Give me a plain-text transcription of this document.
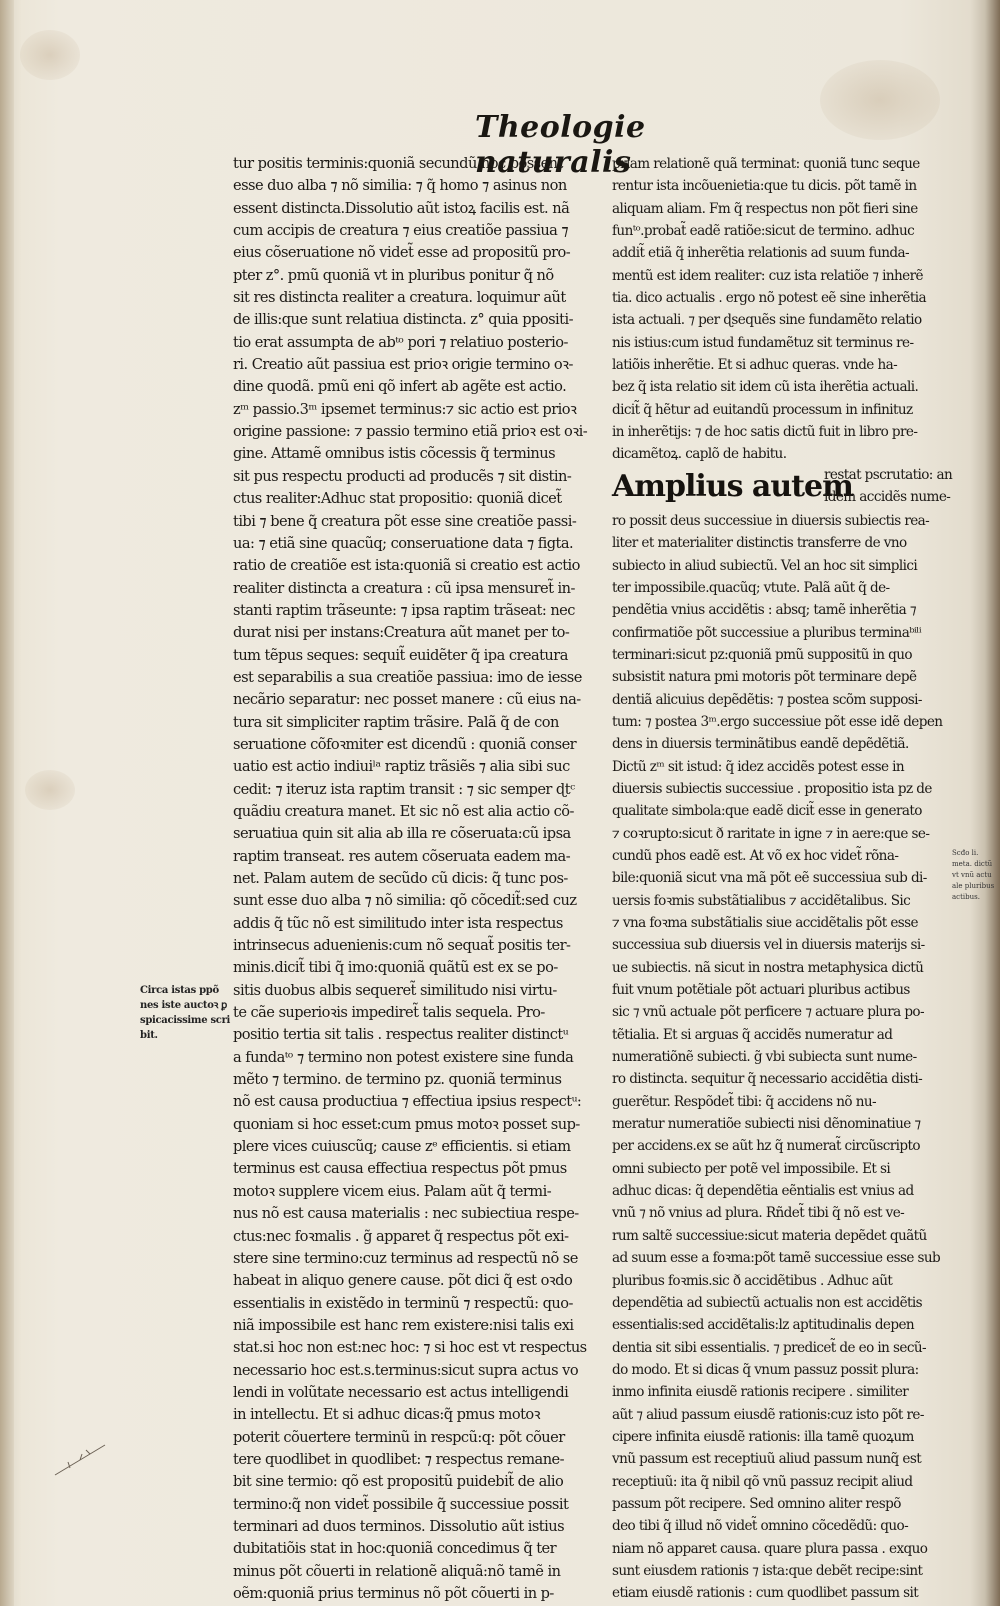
Theologie naturalis
tur positis terminis:quoniã secundũ hoc possent
esse duo alba ⁊ nõ similia: ⁊ q̃ homo ⁊ asinus non
essent distincta.Dissolutio aũt istoꝝ facilis est. nã
cum accipis de creatura ⁊ eius creatiõe passiua ⁊
eius cõseruatione nõ videt̃ esse ad propositũ pro-
pter z°. pmũ quoniã vt in pluribus ponitur q̃ nõ
sit res distincta realiter a creatura. loquimur aũt
de illis:que sunt relatiua distincta. z° quia ppositi-
tio erat assumpta de abᵗᵒ pori ⁊ relatiuo posterio-
ri. Creatio aũt passiua est prioꝛ origie termino oꝛ-
dine quodã. pmũ eni qõ infert ab agẽte est actio.
zᵐ passio.3ᵐ ipsemet terminus:⁊ sic actio est prioꝛ
origine passione: ⁊ passio termino etiã prioꝛ est oꝛi-
gine. Attamẽ omnibus istis cõcessis q̃ terminus
sit pus respectu producti ad producẽs ⁊ sit distin-
ctus realiter:Adhuc stat propositio: quoniã dicet̃
tibi ⁊ bene q̃ creatura põt esse sine creatiõe passi-
ua: ⁊ etiã sine quacũq; conseruatione data ⁊ figta.
ratio de creatiõe est ista:quoniã si creatio est actio
realiter distincta a creatura : cũ ipsa mensuret̃ in-
stanti raptim trãseunte: ⁊ ipsa raptim trãseat: nec
durat nisi per instans:Creatura aũt manet per to-
tum tẽpus seques: sequit̃ euidẽter q̃ ipa creatura
est separabilis a sua creatiõe passiua: imo de iesse
necãrio separatur: nec posset manere : cũ eius na-
tura sit simpliciter raptim trãsire. Palã q̃ de con
seruatione cõfoꝛmiter est dicendũ : quoniã conser
uatio est actio indiuiˡᵃ raptiz trãsiẽs ⁊ alia sibi suc
cedit: ⁊ iteruz ista raptim transit : ⁊ sic semper ɖtᶜ
quãdiu creatura manet. Et sic nõ est alia actio cõ-
seruatiua quin sit alia ab illa re cõseruata:cũ ipsa
raptim transeat. res autem cõseruata eadem ma-
net. Palam autem de secũdo cũ dicis: q̃ tunc pos-
sunt esse duo alba ⁊ nõ similia: qõ cõcedit̃:sed cuz
addis q̃ tũc nõ est similitudo inter ista respectus
intrinsecus aduenienis:cum nõ sequat̃ positis ter-
minis.dicit̃ tibi q̃ imo:quoniã quãtũ est ex se po-
sitis duobus albis sequeret̃ similitudo nisi virtu-
te cãe superioꝛis impediret̃ talis sequela. Pro-
positio tertia sit talis . respectus realiter distinctᵘ
a fundaᵗᵒ ⁊ termino non potest existere sine funda
mẽto ⁊ termino. de termino pz. quoniã terminus
nõ est causa productiua ⁊ effectiua ipsius respectᵘ:
quoniam si hoc esset:cum pmus motoꝛ posset sup-
plere vices cuiuscũq; cause zᵉ efficientis. si etiam
terminus est causa effectiua respectus põt pmus
motoꝛ supplere vicem eius. Palam aũt q̃ termi-
nus nõ est causa materialis : nec subiectiua respe-
ctus:nec foꝛmalis . g̃ apparet q̃ respectus põt exi-
stere sine termino:cuz terminus ad respectũ nõ se
habeat in aliquo genere cause. põt dici q̃ est oꝛdo
essentialis in existẽdo in terminũ ⁊ respectũ: quo-
niã impossibile est hanc rem existere:nisi talis exi
stat.si hoc non est:nec hoc: ⁊ si hoc est vt respectus
necessario hoc est.s.terminus:sicut supra actus vo
lendi in volũtate necessario est actus intelligendi
in intellectu. Et si adhuc dicas:q̃ pmus motoꝛ
poterit cõuertere terminũ in respcũ:q: põt cõuer
tere quodlibet in quodlibet: ⁊ respectus remane-
bit sine termio: qõ est propositũ puidebit̃ de alio
termino:q̃ non videt̃ possibile q̃ successiue possit
terminari ad duos terminos. Dissolutio aũt istius
dubitatiõis stat in hoc:quoniã concedimus q̃ ter
minus põt cõuerti in relationẽ aliquã:nõ tamẽ in
oẽm:quoniã prius terminus nõ põt cõuerti in p-
priam relationẽ quã terminat: quoniã tunc seque
rentur ista incõuenietia:que tu dicis. põt tamẽ in
aliquam aliam. Fm q̃ respectus non põt fieri sine
funᵗᵒ.probat̃ eadẽ ratiõe:sicut de termino. adhuc
addit̃ etiã q̃ inherẽtia relationis ad suum funda-
mentũ est idem realiter: cuz ista relatiõe ⁊ inherẽ
tia. dico actualis . ergo nõ potest eẽ sine inherẽtia
ista actuali. ⁊ per ɖsequẽs sine fundamẽto relatio
nis istius:cum istud fundamẽtuz sit terminus re-
latiõis inherẽtie. Et si adhuc queras. vnde ha-
bez q̃ ista relatio sit idem cũ ista iherẽtia actuali.
dicit̃ q̃ hẽtur ad euitandũ processum in infinituz
in inherẽtijs: ⁊ de hoc satis dictũ fuit in libro pre-
dicamẽtoꝝ. caplõ de habitu.
Amplius autem
restat pscrutatio: an
idem accidẽs nume-
ro possit deus successiue in diuersis subiectis rea-
liter et materialiter distinctis transferre de vno
subiecto in aliud subiectũ. Vel an hoc sit simplici
ter impossibile.quacũq; vtute. Palã aũt q̃ de-
pendẽtia vnius accidẽtis : absq; tamẽ inherẽtia ⁊
confirmatiõe põt successiue a pluribus terminaᵇⁱˡⁱ
terminari:sicut pz:quoniã pmũ suppositũ in quo
subsistit natura pmi motoris põt terminare depẽ
dentiã alicuius depẽdẽtis: ⁊ postea scõm supposi-
tum: ⁊ postea 3ᵐ.ergo successiue põt esse idẽ depen
dens in diuersis terminãtibus eandẽ depẽdẽtiã.
Dictũ zᵐ sit istud: q̃ idez accidẽs potest esse in
diuersis subiectis successiue . propositio ista pz de
qualitate simbola:que eadẽ dicit̃ esse in generato
⁊ coꝛrupto:sicut ð raritate in igne ⁊ in aere:que se-
cundũ phos eadẽ est. At võ ex hoc videt̃ rõna-
bile:quoniã sicut vna mã põt eẽ successiua sub di-
uersis foꝛmis substãtialibus ⁊ accidẽtalibus. Sic
⁊ vna foꝛma substãtialis siue accidẽtalis põt esse
successiua sub diuersis vel in diuersis materijs si-
ue subiectis. nã sicut in nostra metaphysica dictũ
fuit vnum potẽtiale põt actuari pluribus actibus
sic ⁊ vnũ actuale põt perficere ⁊ actuare plura po-
tẽtialia. Et si arguas q̃ accidẽs numeratur ad
numeratiõnẽ subiecti. g̃ vbi subiecta sunt nume-
ro distincta. sequitur q̃ necessario accidẽtia disti-
guerẽtur. Respõdet̃ tibi: q̃ accidens nõ nu-
meratur numeratiõe subiecti nisi dẽnominatiue ⁊
per accidens.ex se aũt hz q̃ numerat̃ circũscripto
omni subiecto per potẽ vel impossibile. Et si
adhuc dicas: q̃ dependẽtia eẽntialis est vnius ad
vnũ ⁊ nõ vnius ad plura. Rñdet̃ tibi q̃ nõ est ve-
rum saltẽ successiue:sicut materia depẽdet quãtũ
ad suum esse a foꝛma:põt tamẽ successiue esse sub
pluribus foꝛmis.sic ð accidẽtibus . Adhuc aũt
dependẽtia ad subiectũ actualis non est accidẽtis
essentialis:sed accidẽtalis:lz aptitudinalis depen
dentia sit sibi essentialis. ⁊ predicet̃ de eo in secũ-
do modo. Et si dicas q̃ vnum passuz possit plura:
inmo infinita eiusdẽ rationis recipere . similiter
aũt ⁊ aliud passum eiusdẽ rationis:cuz isto põt re-
cipere infinita eiusdẽ rationis: illa tamẽ quoꝝum
vnũ passum est receptiuũ aliud passum nunq̃ est
receptiuũ: ita q̃ nibil qõ vnũ passuz recipit aliud
passum põt recipere. Sed omnino aliter respõ
deo tibi q̃ illud nõ videt̃ omnino cõcedẽdũ: quo-
niam nõ apparet causa. quare plura passa . exquo
sunt eiusdem rationis ⁊ ista:que debẽt recipe:sint
etiam eiusdẽ rationis : cum quodlibet passum sit
Circa istas ppõ
nes iste auctoꝛ ꝑ
spicacissime scri
bit.
Scđo li.
meta. dictũ
vt vnũ actu
ale pluribus
actibus.
